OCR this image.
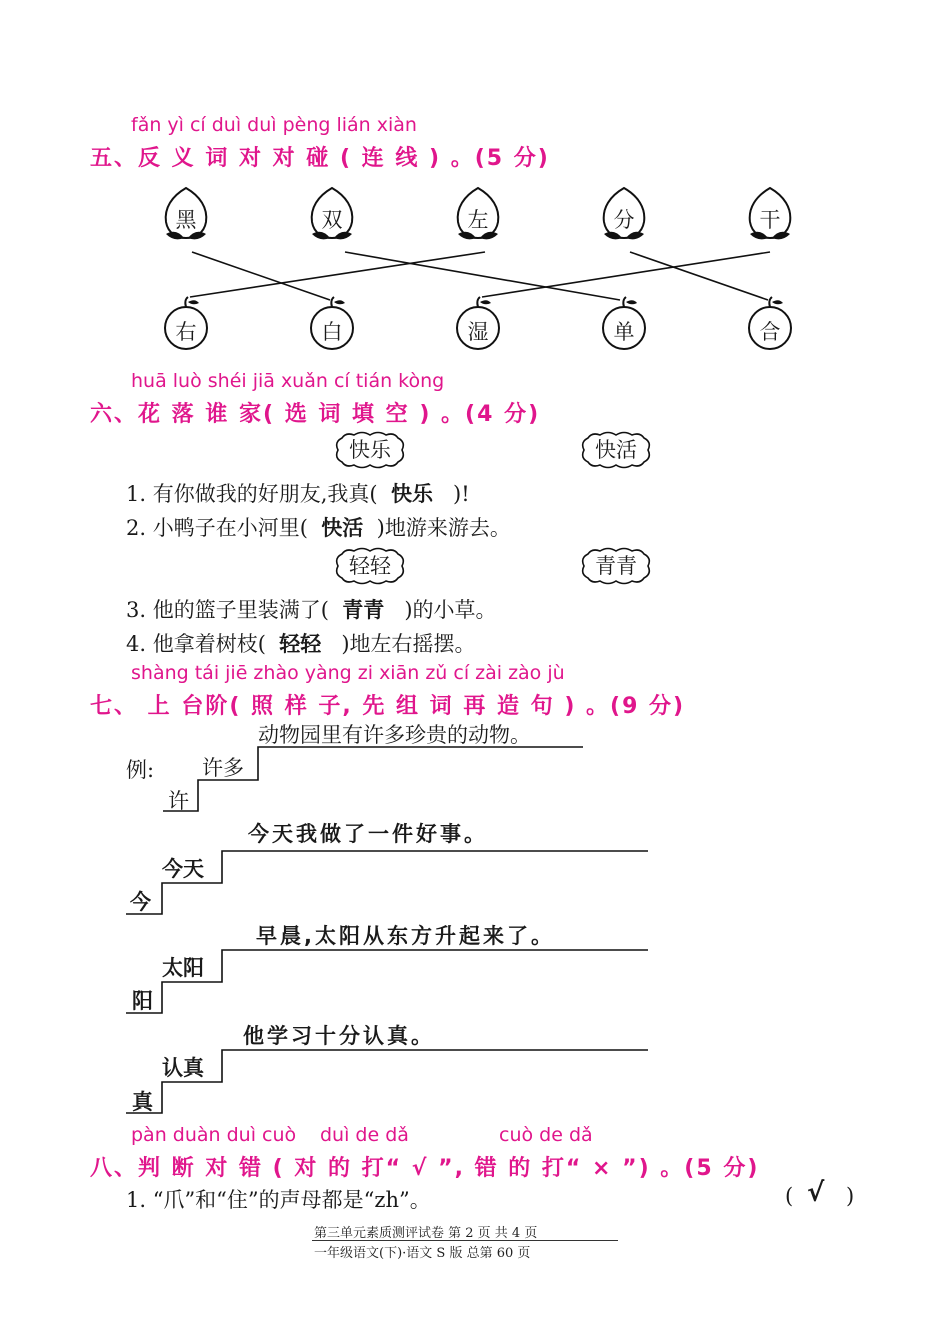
fǎn yì cí duì duì pèng lián xiàn
五、反 义 词 对 对 碰 ( 连 线 ) 。(5 分)
黑	双	左	分	干
右	白	湿	单	合
huā luò shéi jiā xuǎn cí tián kòng
六、花 落 谁 家( 选 词 填 空 ) 。(4 分)
快乐	快活
1. 有你做我的好朋友,我真( 快乐 )!
2. 小鸭子在小河里( 快活 )地游来游去。
轻轻	青青
3. 他的篮子里装满了( 青青 )的小草。
4. 他拿着树枝( 轻轻 )地左右摇摆。
shàng tái jiē zhào yàng zi xiān zǔ cí zài zào jù
七、 上 台阶( 照 样 子, 先 组 词 再 造 句 ) 。(9 分)
例:
许
许多
动物园里有许多珍贵的动物。
今
今天
今天我做了一件好事。
阳
太阳
早晨,太阳从东方升起来了。
真
认真
他学习十分认真。
pàn duàn duì cuò duì de dǎ	cuò de dǎ
八、判 断 对 错 ( 对 的 打“ √ ”, 错 的 打“ × ”) 。(5 分)
1. “爪”和“住”的声母都是“zh”。	( √ )
第三单元素质测评试卷 第 2 页 共 4 页
一年级语文(下)·语文 S 版 总第 60 页
